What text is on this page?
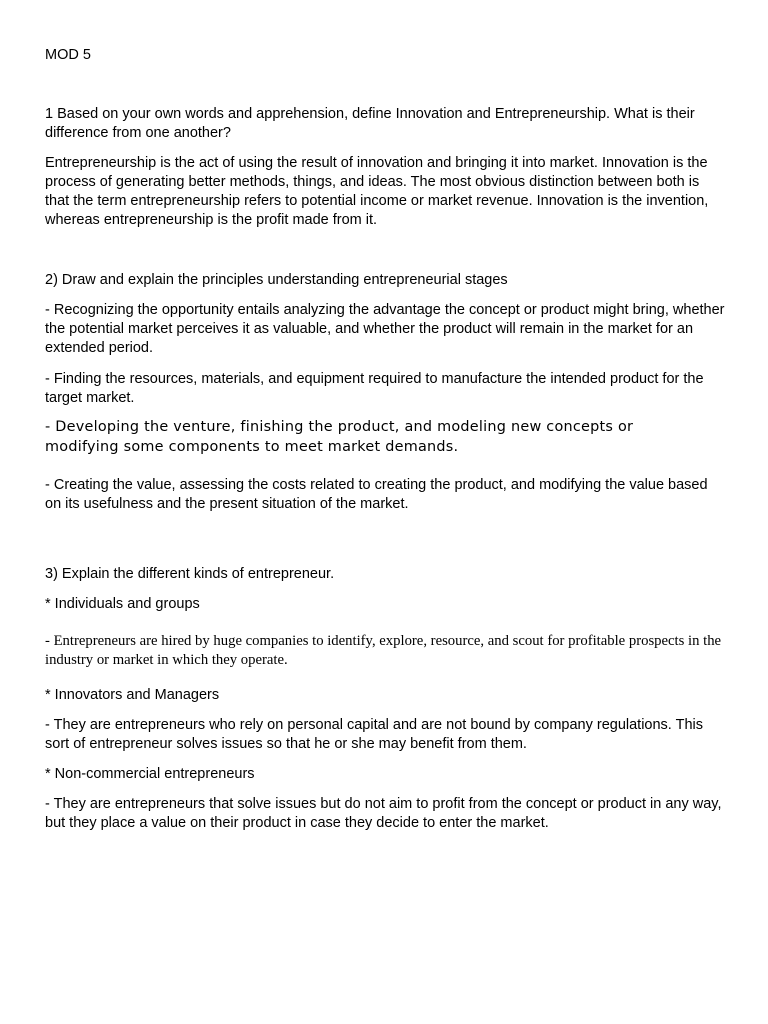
MOD 5

1 Based on your own words and apprehension, define Innovation and Entrepreneurship. What is their difference from one another?

Entrepreneurship is the act of using the result of innovation and bringing it into market. Innovation is the process of generating better methods, things, and ideas. The most obvious distinction between both is that the term entrepreneurship refers to potential income or market revenue. Innovation is the invention, whereas entrepreneurship is the profit made from it.

2) Draw and explain the principles understanding entrepreneurial stages

- Recognizing the opportunity entails analyzing the advantage the concept or product might bring, whether the potential market perceives it as valuable, and whether the product will remain in the market for an extended period.

- Finding the resources, materials, and equipment required to manufacture the intended product for the target market.

- Developing the venture, finishing the product, and modeling new concepts or modifying some components to meet market demands.

- Creating the value, assessing the costs related to creating the product, and modifying the value based on its usefulness and the present situation of the market.

3) Explain the different kinds of entrepreneur.

* Individuals and groups

- Entrepreneurs are hired by huge companies to identify, explore, resource, and scout for profitable prospects in the industry or market in which they operate.

* Innovators and Managers

- They are entrepreneurs who rely on personal capital and are not bound by company regulations. This sort of entrepreneur solves issues so that he or she may benefit from them.

* Non-commercial entrepreneurs

- They are entrepreneurs that solve issues but do not aim to profit from the concept or product in any way, but they place a value on their product in case they decide to enter the market.
